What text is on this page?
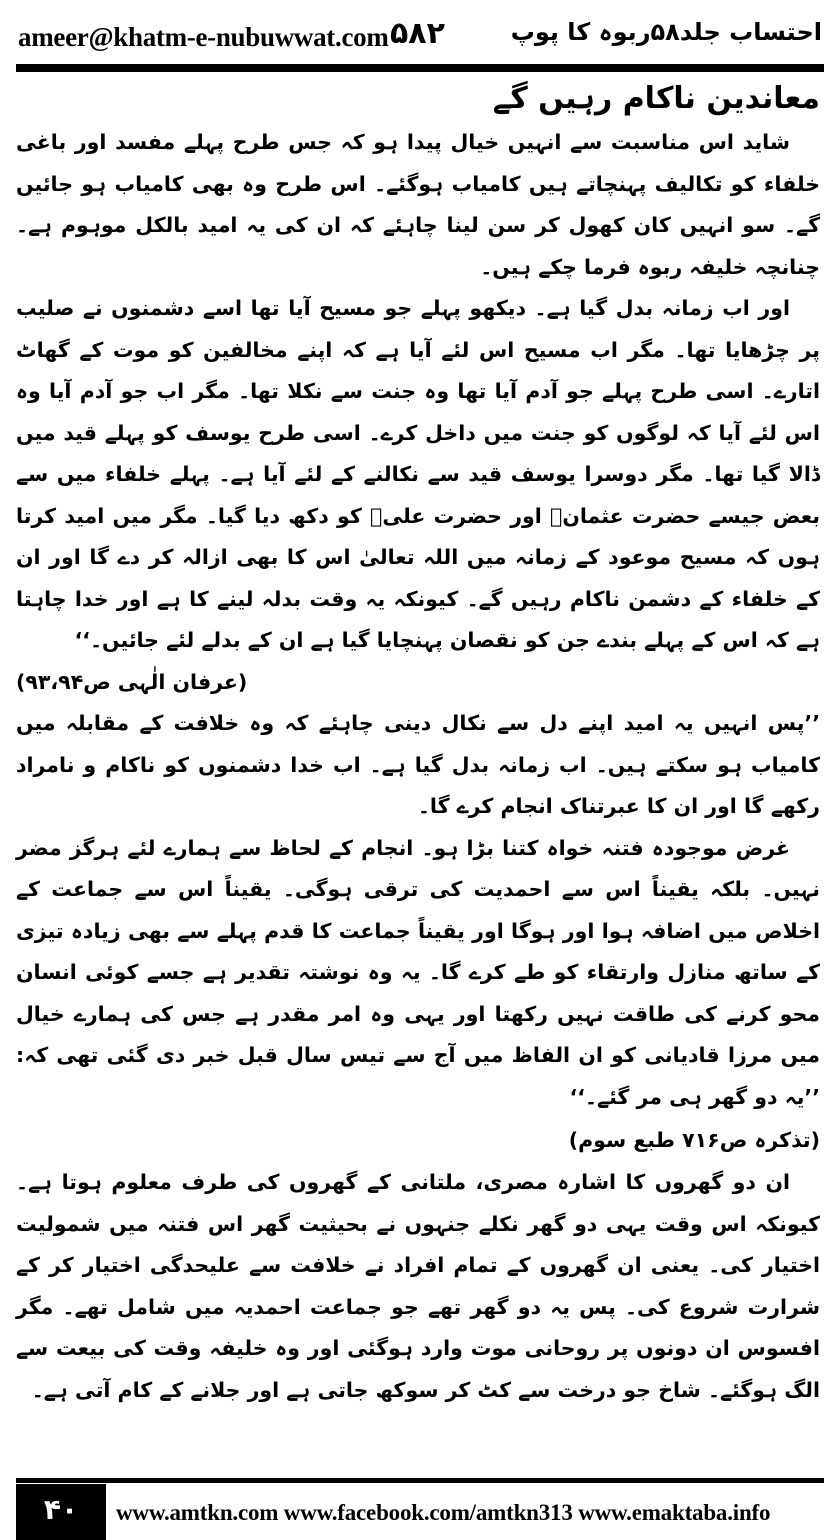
ameer@khatm-e-nubuwwat.com ۵۸۲	احتساب جلد۵۸ربوہ کا پوپ
معاندین ناکام رہیں گے

شاید اس مناسبت سے انہیں خیال پیدا ہو کہ جس طرح پہلے مفسد اور باغی خلفاء کو تکالیف پہنچاتے ہیں کامیاب ہوگئے۔ اس طرح وہ بھی کامیاب ہو جائیں گے۔ سو انہیں کان کھول کر سن لینا چاہئے کہ ان کی یہ امید بالکل موہوم ہے۔ چنانچہ خلیفہ ربوہ فرما چکے ہیں۔

اور اب زمانہ بدل گیا ہے۔ دیکھو پہلے جو مسیح آیا تھا اسے دشمنوں نے صلیب پر چڑھایا تھا۔ مگر اب مسیح اس لئے آیا ہے کہ اپنے مخالفین کو موت کے گھاٹ اتارے۔ اسی طرح پہلے جو آدم آیا تھا وہ جنت سے نکلا تھا۔ مگر اب جو آدم آیا وہ اس لئے آیا کہ لوگوں کو جنت میں داخل کرے۔ اسی طرح یوسف کو پہلے قید میں ڈالا گیا تھا۔ مگر دوسرا یوسف قید سے نکالنے کے لئے آیا ہے۔ پہلے خلفاء میں سے بعض جیسے حضرت عثمانؓ اور حضرت علیؓ کو دکھ دیا گیا۔ مگر میں امید کرتا ہوں کہ مسیح موعود کے زمانہ میں اللہ تعالیٰ اس کا بھی ازالہ کر دے گا اور ان کے خلفاء کے دشمن ناکام رہیں گے۔ کیونکہ یہ وقت بدلہ لینے کا ہے اور خدا چاہتا ہے کہ اس کے پہلے بندے جن کو نقصان پہنچایا گیا ہے ان کے بدلے لئے جائیں۔‘‘

(عرفان الٰہی ص۹۳،۹۴)

’’پس انہیں یہ امید اپنے دل سے نکال دینی چاہئے کہ وہ خلافت کے مقابلہ میں کامیاب ہو سکتے ہیں۔ اب زمانہ بدل گیا ہے۔ اب خدا دشمنوں کو ناکام و نامراد رکھے گا اور ان کا عبرتناک انجام کرے گا۔

غرض موجودہ فتنہ خواہ کتنا بڑا ہو۔ انجام کے لحاظ سے ہمارے لئے ہرگز مضر نہیں۔ بلکہ یقیناً اس سے احمدیت کی ترقی ہوگی۔ یقیناً اس سے جماعت کے اخلاص میں اضافہ ہوا اور ہوگا اور یقیناً جماعت کا قدم پہلے سے بھی زیادہ تیزی کے ساتھ منازل وارتقاء کو طے کرے گا۔ یہ وہ نوشتہ تقدیر ہے جسے کوئی انسان محو کرنے کی طاقت نہیں رکھتا اور یہی وہ امر مقدر ہے جس کی ہمارے خیال میں مرزا قادیانی کو ان الفاظ میں آج سے تیس سال قبل خبر دی گئی تھی کہ: ’’یہ دو گھر ہی مر گئے۔‘‘

(تذکرہ ص۷۱۶ طبع سوم)

ان دو گھروں کا اشارہ مصری، ملتانی کے گھروں کی طرف معلوم ہوتا ہے۔ کیونکہ اس وقت یہی دو گھر نکلے جنہوں نے بحیثیت گھر اس فتنہ میں شمولیت اختیار کی۔ یعنی ان گھروں کے تمام افراد نے خلافت سے علیحدگی اختیار کر کے شرارت شروع کی۔ پس یہ دو گھر تھے جو جماعت احمدیہ میں شامل تھے۔ مگر افسوس ان دونوں پر روحانی موت وارد ہوگئی اور وہ خلیفہ وقت کی بیعت سے الگ ہوگئے۔ شاخ جو درخت سے کٹ کر سوکھ جاتی ہے اور جلانے کے کام آتی ہے۔

۴۰	www.amtkn.com www.facebook.com/amtkn313 www.emaktaba.info
